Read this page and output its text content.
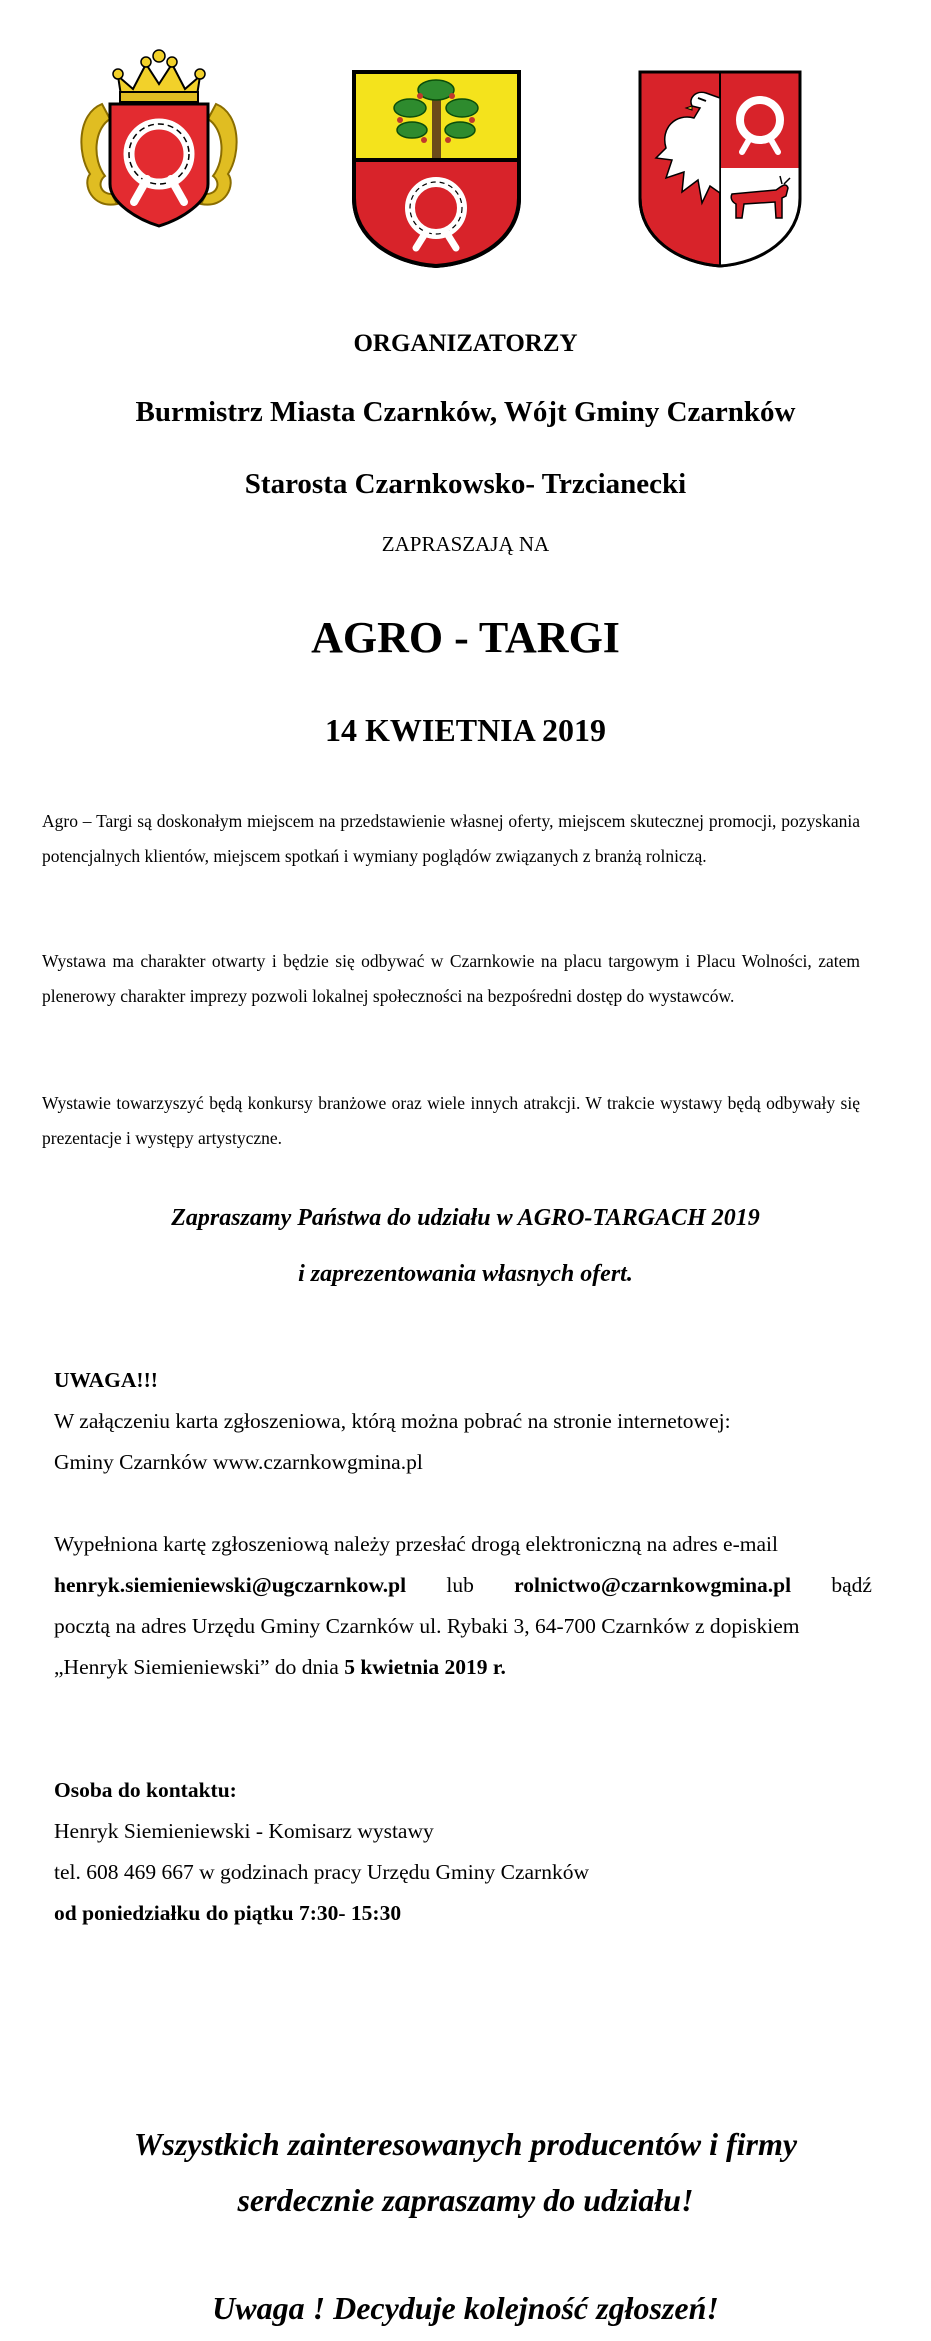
ORGANIZATORZY
Burmistrz Miasta Czarnków, Wójt Gminy Czarnków
Starosta Czarnkowsko- Trzcianecki
ZAPRASZAJĄ NA
AGRO - TARGI
14 KWIETNIA 2019

Agro – Targi są doskonałym miejscem na przedstawienie własnej oferty, miejscem skutecznej promocji, pozyskania potencjalnych klientów, miejscem spotkań i wymiany poglądów związanych z branżą rolniczą.

Wystawa ma charakter otwarty i będzie się odbywać w Czarnkowie na placu targowym i Placu Wolności, zatem plenerowy charakter imprezy pozwoli lokalnej społeczności na bezpośredni dostęp do wystawców.

Wystawie towarzyszyć będą konkursy branżowe oraz wiele innych atrakcji. W trakcie wystawy będą odbywały się prezentacje i występy artystyczne.

Zapraszamy Państwa do udziału w AGRO-TARGACH 2019
i zaprezentowania własnych ofert.
UWAGA!!!
W załączeniu karta zgłoszeniowa, którą można pobrać na stronie internetowej:
Gminy Czarnków www.czarnkowgmina.pl
Wypełniona kartę zgłoszeniową należy przesłać drogą elektroniczną na adres e-mail
henryk.siemieniewski@ugczarnkow.pl lub rolnictwo@czarnkowgmina.pl bądź
pocztą na adres Urzędu Gminy Czarnków ul. Rybaki 3, 64-700 Czarnków z dopiskiem
„Henryk Siemieniewski” do dnia 5 kwietnia 2019 r.
Osoba do kontaktu:
Henryk Siemieniewski - Komisarz wystawy
tel. 608 469 667 w godzinach pracy Urzędu Gminy Czarnków
od poniedziałku do piątku 7:30- 15:30
Wszystkich zainteresowanych producentów i firmy
serdecznie zapraszamy do udziału!
Uwaga ! Decyduje kolejność zgłoszeń!
